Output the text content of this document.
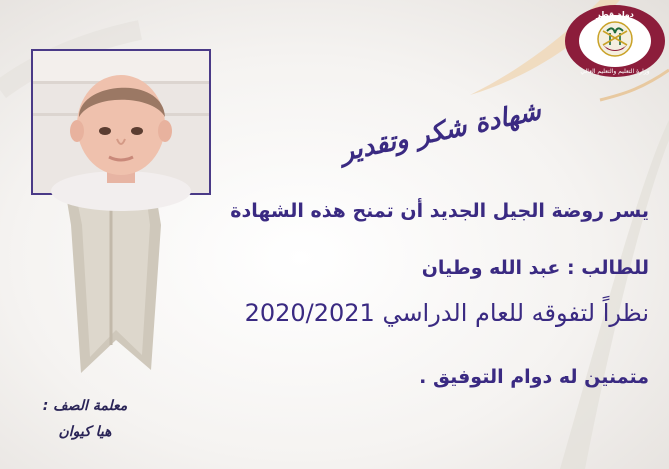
دولة قطر
وزارة التعليم والتعليم العالي
شهادة شكر وتقدير
يسر روضة الجيل الجديد أن تمنح هذه الشهادة
للطالب : عبد الله وطيان
نظراً لتفوقه للعام الدراسي 2020/2021
متمنين له دوام التوفيق .
معلمة الصف :
هيا كيوان
